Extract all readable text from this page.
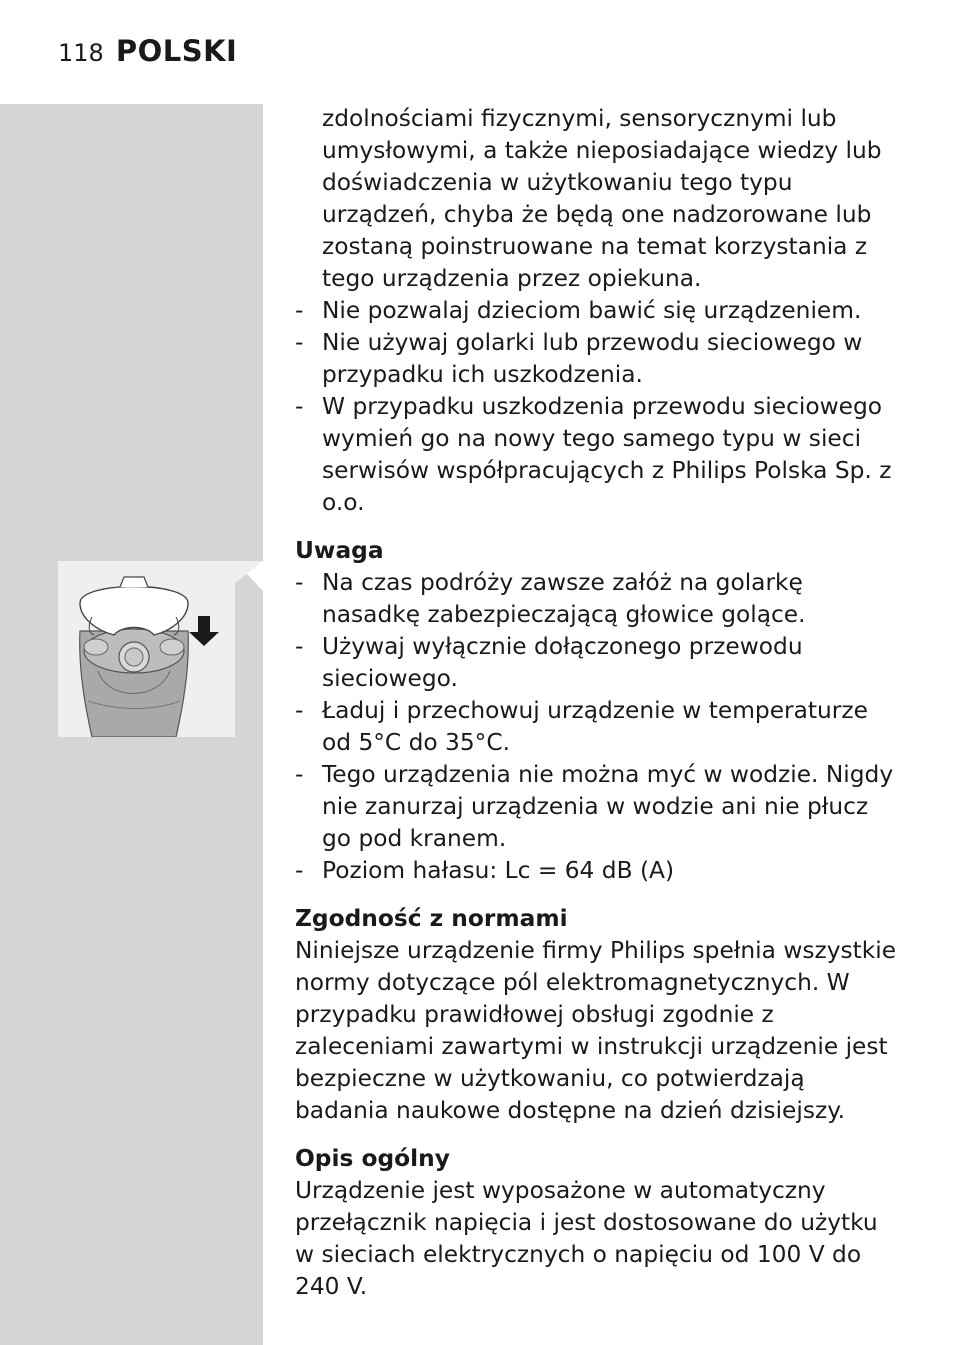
118 POLSKI

zdolnościami fizycznymi, sensorycznymi lub umysłowymi, a także nieposiadające wiedzy lub doświadczenia w użytkowaniu tego typu urządzeń, chyba że będą one nadzorowane lub zostaną poinstruowane na temat korzystania z tego urządzenia przez opiekuna.

- Nie pozwalaj dzieciom bawić się urządzeniem.
- Nie używaj golarki lub przewodu sieciowego w przypadku ich uszkodzenia.
- W przypadku uszkodzenia przewodu sieciowego wymień go na nowy tego samego typu w sieci serwisów współpracujących z Philips Polska Sp. z o.o.
Uwaga
- Na czas podróży zawsze załóż na golarkę nasadkę zabezpieczającą głowice golące.
- Używaj wyłącznie dołączonego przewodu sieciowego.
- Ładuj i przechowuj urządzenie w temperaturze od 5°C do 35°C.
- Tego urządzenia nie można myć w wodzie. Nigdy nie zanurzaj urządzenia w wodzie ani nie płucz go pod kranem.
- Poziom hałasu: Lc = 64 dB (A)
Zgodność z normami

Niniejsze urządzenie firmy Philips spełnia wszystkie normy dotyczące pól elektromagnetycznych. W przypadku prawidłowej obsługi zgodnie z zaleceniami zawartymi w instrukcji urządzenie jest bezpieczne w użytkowaniu, co potwierdzają badania naukowe dostępne na dzień dzisiejszy.

Opis ogólny

Urządzenie jest wyposażone w automatyczny przełącznik napięcia i jest dostosowane do użytku w sieciach elektrycznych o napięciu od 100 V do 240 V.
